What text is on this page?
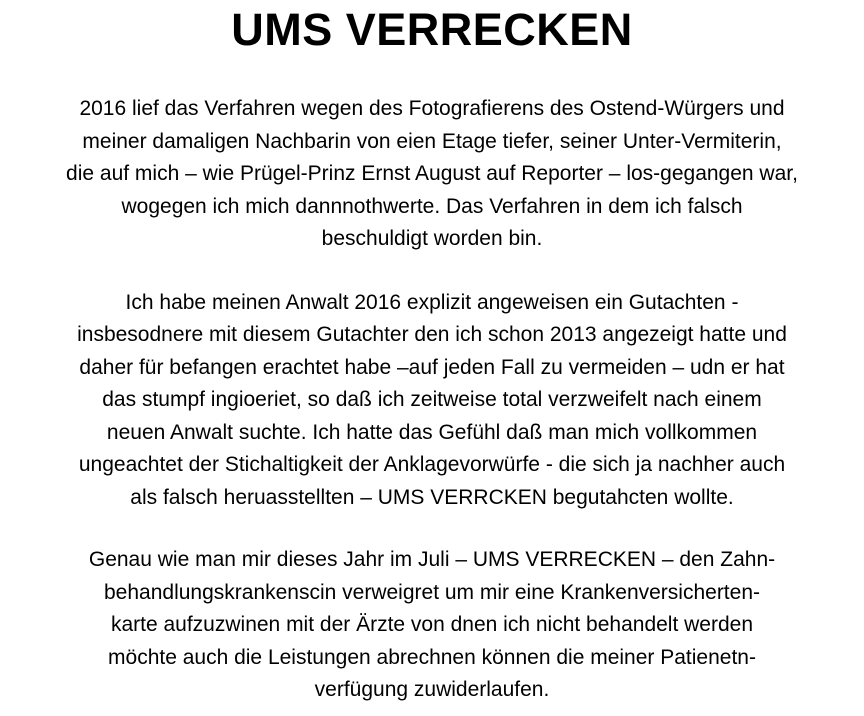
UMS VERRECKEN

2016 lief das Verfahren wegen des Fotografierens des Ostend-Würgers und
meiner damaligen Nachbarin von eien Etage tiefer, seiner Unter-Vermiterin,
die auf mich – wie Prügel-Prinz Ernst August auf Reporter – los-gegangen war,
wogegen ich mich dannnothwerte. Das Verfahren in dem ich falsch
beschuldigt worden bin.

Ich habe meinen Anwalt 2016 explizit angeweisen ein Gutachten -
insbesodnere mit diesem Gutachter den ich schon 2013 angezeigt hatte und
daher für befangen erachtet habe –auf jeden Fall zu vermeiden – udn er hat
das stumpf ingioeriet, so daß ich zeitweise total verzweifelt nach einem
neuen Anwalt suchte. Ich hatte das Gefühl daß man mich vollkommen
ungeachtet der Stichaltigkeit der Anklagevorwürfe - die sich ja nachher auch
als falsch heruasstellten – UMS VERRCKEN begutahcten wollte.

Genau wie man mir dieses Jahr im Juli – UMS VERRECKEN – den Zahn-
behandlungskrankenscin verweigret um mir eine Krankenversicherten-
karte aufzuzwinen mit der Ärzte von dnen ich nicht behandelt werden
möchte auch die Leistungen abrechnen können die meiner Patienetn-
verfügung zuwiderlaufen.
